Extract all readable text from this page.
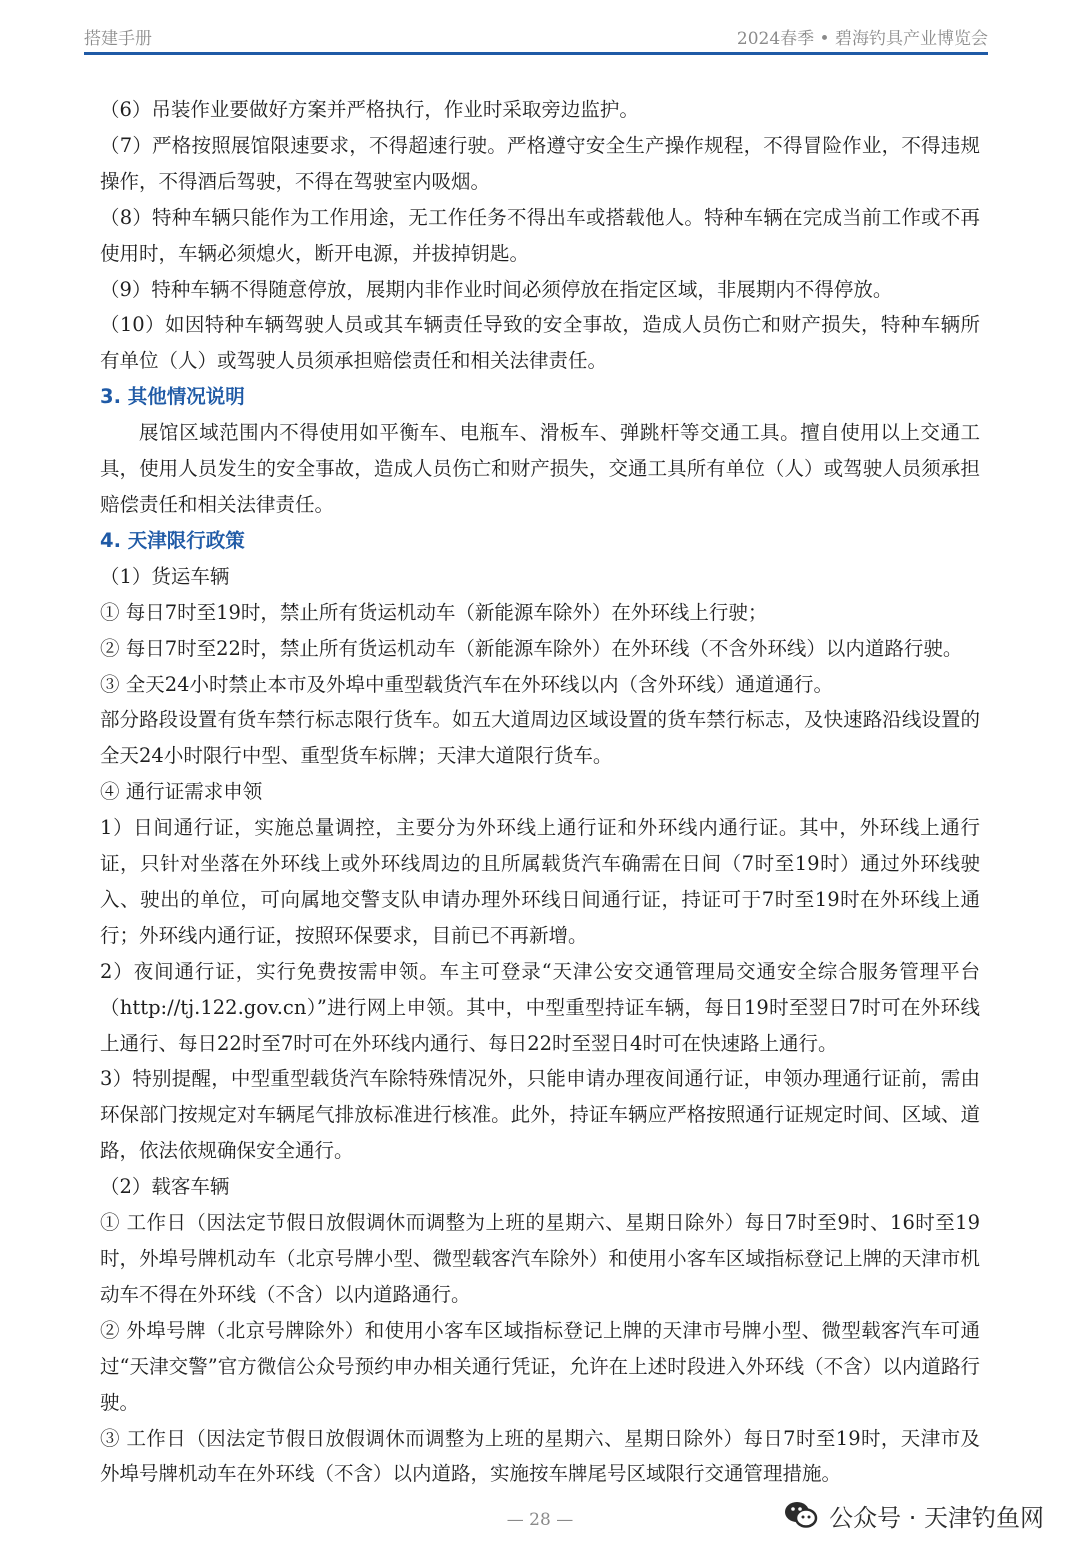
搭建手册	2024春季 • 碧海钓具产业博览会

（6）吊装作业要做好方案并严格执行，作业时采取旁边监护。

（7）严格按照展馆限速要求，不得超速行驶。严格遵守安全生产操作规程，不得冒险作业，不得违规操作，不得酒后驾驶，不得在驾驶室内吸烟。

（8）特种车辆只能作为工作用途，无工作任务不得出车或搭载他人。特种车辆在完成当前工作或不再使用时，车辆必须熄火，断开电源，并拔掉钥匙。

（9）特种车辆不得随意停放，展期内非作业时间必须停放在指定区域，非展期内不得停放。

（10）如因特种车辆驾驶人员或其车辆责任导致的安全事故，造成人员伤亡和财产损失，特种车辆所有单位（人）或驾驶人员须承担赔偿责任和相关法律责任。

3. 其他情况说明

展馆区域范围内不得使用如平衡车、电瓶车、滑板车、弹跳杆等交通工具。擅自使用以上交通工具，使用人员发生的安全事故，造成人员伤亡和财产损失，交通工具所有单位（人）或驾驶人员须承担赔偿责任和相关法律责任。

4. 天津限行政策

（1）货运车辆

① 每日7时至19时，禁止所有货运机动车（新能源车除外）在外环线上行驶；

② 每日7时至22时，禁止所有货运机动车（新能源车除外）在外环线（不含外环线）以内道路行驶。

③ 全天24小时禁止本市及外埠中重型载货汽车在外环线以内（含外环线）通道通行。

部分路段设置有货车禁行标志限行货车。如五大道周边区域设置的货车禁行标志，及快速路沿线设置的全天24小时限行中型、重型货车标牌；天津大道限行货车。

④ 通行证需求申领

1）日间通行证，实施总量调控，主要分为外环线上通行证和外环线内通行证。其中，外环线上通行证，只针对坐落在外环线上或外环线周边的且所属载货汽车确需在日间（7时至19时）通过外环线驶入、驶出的单位，可向属地交警支队申请办理外环线日间通行证，持证可于7时至19时在外环线上通行；外环线内通行证，按照环保要求，目前已不再新增。

2）夜间通行证，实行免费按需申领。车主可登录“天津公安交通管理局交通安全综合服务管理平台（http://tj.122.gov.cn）”进行网上申领。其中，中型重型持证车辆，每日19时至翌日7时可在外环线上通行、每日22时至7时可在外环线内通行、每日22时至翌日4时可在快速路上通行。

3）特别提醒，中型重型载货汽车除特殊情况外，只能申请办理夜间通行证，申领办理通行证前，需由环保部门按规定对车辆尾气排放标准进行核准。此外，持证车辆应严格按照通行证规定时间、区域、道路，依法依规确保安全通行。

（2）载客车辆

① 工作日（因法定节假日放假调休而调整为上班的星期六、星期日除外）每日7时至9时、16时至19时，外埠号牌机动车（北京号牌小型、微型载客汽车除外）和使用小客车区域指标登记上牌的天津市机动车不得在外环线（不含）以内道路通行。

② 外埠号牌（北京号牌除外）和使用小客车区域指标登记上牌的天津市号牌小型、微型载客汽车可通过“天津交警”官方微信公众号预约申办相关通行凭证，允许在上述时段进入外环线（不含）以内道路行驶。

③ 工作日（因法定节假日放假调休而调整为上班的星期六、星期日除外）每日7时至19时，天津市及外埠号牌机动车在外环线（不含）以内道路，实施按车牌尾号区域限行交通管理措施。

— 28 —	公众号 · 天津钓鱼网
